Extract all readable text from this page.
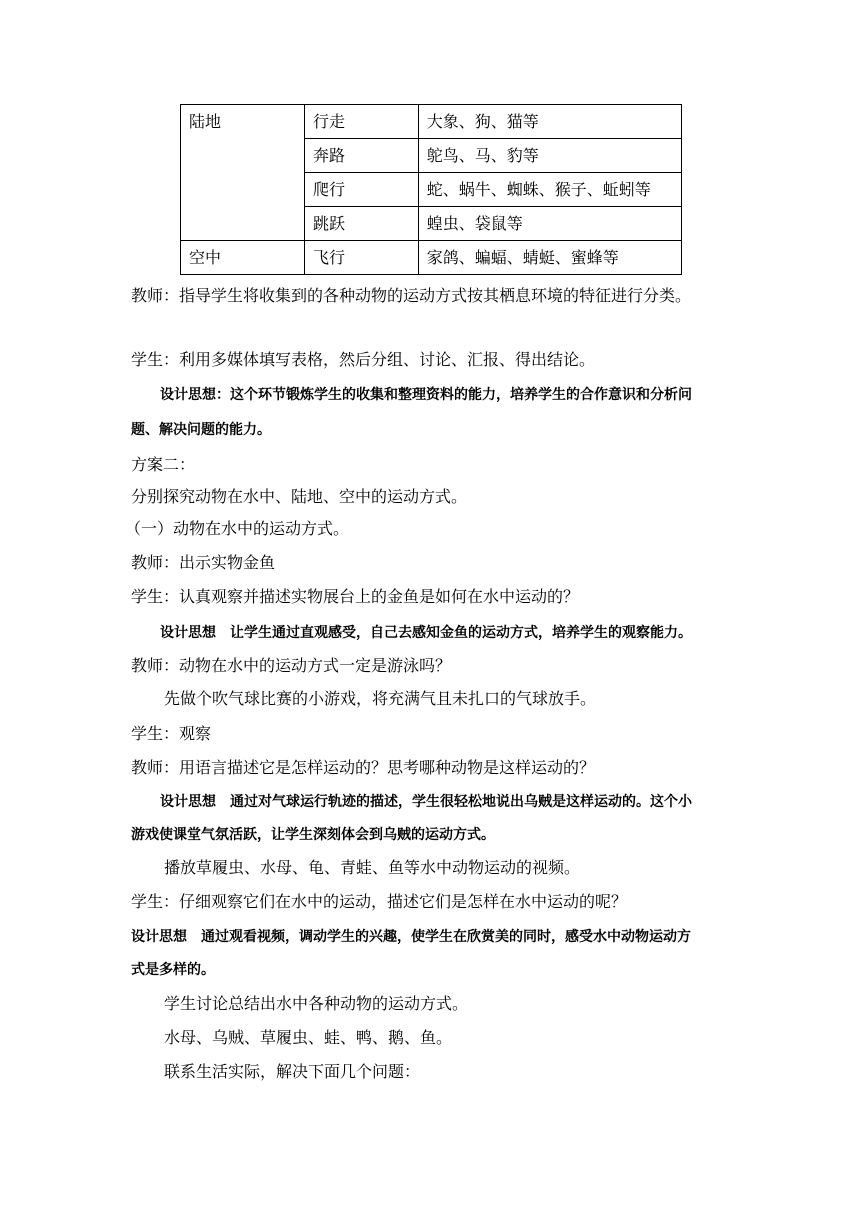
陆地	行走	大象、狗、猫等
	奔路	鸵鸟、马、豹等
	爬行	蛇、蜗牛、蜘蛛、猴子、蚯蚓等
	跳跃	蝗虫、袋鼠等
空中	飞行	家鸽、蝙蝠、蜻蜓、蜜蜂等
教师：指导学生将收集到的各种动物的运动方式按其栖息环境的特征进行分类。
学生：利用多媒体填写表格，然后分组、讨论、汇报、得出结论。
设计思想：这个环节锻炼学生的收集和整理资料的能力，培养学生的合作意识和分析问
题、解决问题的能力。
方案二：
分别探究动物在水中、陆地、空中的运动方式。
（一）动物在水中的运动方式。
教师：出示实物金鱼
学生：认真观察并描述实物展台上的金鱼是如何在水中运动的？
设计思想 让学生通过直观感受，自己去感知金鱼的运动方式，培养学生的观察能力。
教师：动物在水中的运动方式一定是游泳吗？
先做个吹气球比赛的小游戏，将充满气且未扎口的气球放手。
学生：观察
教师：用语言描述它是怎样运动的？思考哪种动物是这样运动的？
设计思想 通过对气球运行轨迹的描述，学生很轻松地说出乌贼是这样运动的。这个小
游戏使课堂气氛活跃，让学生深刻体会到乌贼的运动方式。
播放草履虫、水母、龟、青蛙、鱼等水中动物运动的视频。
学生：仔细观察它们在水中的运动，描述它们是怎样在水中运动的呢？
设计思想 通过观看视频，调动学生的兴趣，使学生在欣赏美的同时，感受水中动物运动方
式是多样的。
学生讨论总结出水中各种动物的运动方式。
水母、乌贼、草履虫、蛙、鸭、鹅、鱼。
联系生活实际，解决下面几个问题：
